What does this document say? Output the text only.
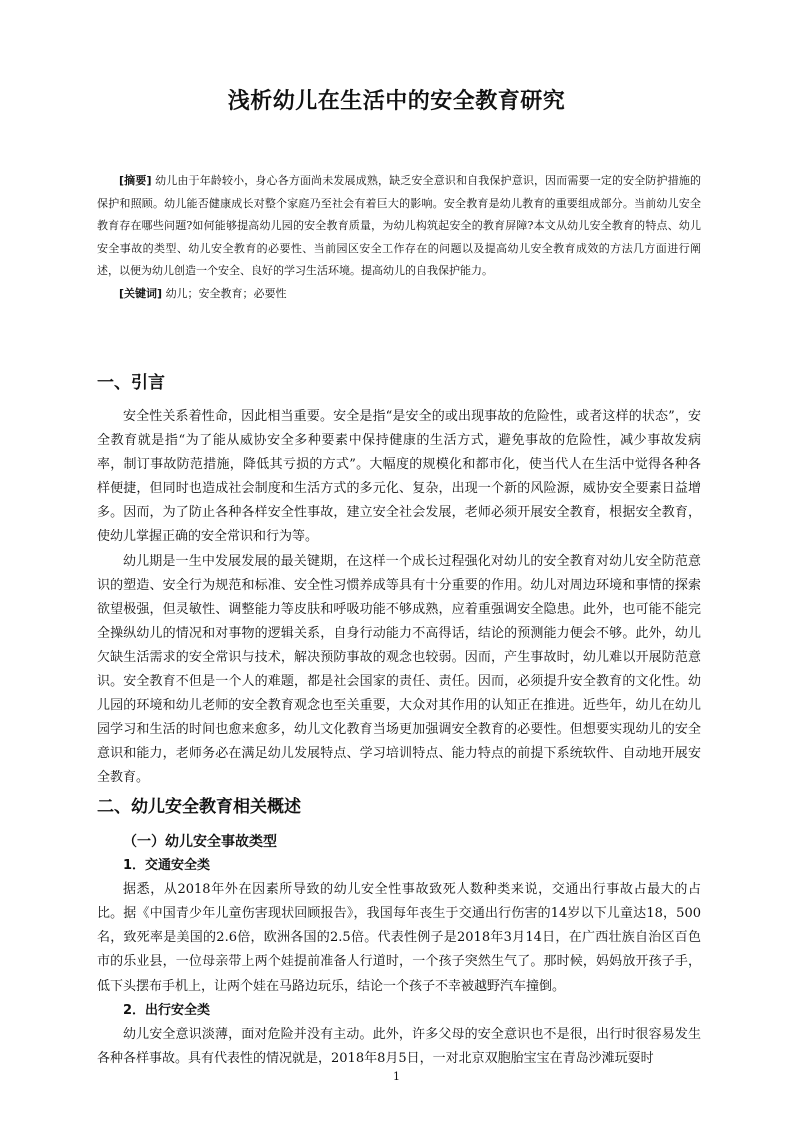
浅析幼儿在生活中的安全教育研究

[摘要] 幼儿由于年龄较小，身心各方面尚未发展成熟，缺乏安全意识和自我保护意识，因而需要一定的安全防护措施的保护和照顾。幼儿能否健康成长对整个家庭乃至社会有着巨大的影响。安全教育是幼儿教育的重要组成部分。当前幼儿安全教育存在哪些问题?如何能够提高幼儿园的安全教育质量，为幼儿构筑起安全的教育屏障?本文从幼儿安全教育的特点、幼儿安全事故的类型、幼儿安全教育的必要性、当前园区安全工作存在的问题以及提高幼儿安全教育成效的方法几方面进行阐述，以便为幼儿创造一个安全、良好的学习生活环境。提高幼儿的自我保护能力。

[关键词] 幼儿；安全教育；必要性

一、引言

安全性关系着性命，因此相当重要。安全是指“是安全的或出现事故的危险性，或者这样的状态”，安全教育就是指“为了能从威协安全多种要素中保持健康的生活方式，避免事故的危险性，减少事故发病率，制订事故防范措施，降低其亏损的方式”。大幅度的规模化和都市化，使当代人在生活中觉得各种各样便捷，但同时也造成社会制度和生活方式的多元化、复杂，出现一个新的风险源，威协安全要素日益增多。因而，为了防止各种各样安全性事故，建立安全社会发展，老师必须开展安全教育，根据安全教育，使幼儿掌握正确的安全常识和行为等。

幼儿期是一生中发展发展的最关键期，在这样一个成长过程强化对幼儿的安全教育对幼儿安全防范意识的塑造、安全行为规范和标准、安全性习惯养成等具有十分重要的作用。幼儿对周边环境和事情的探索欲望极强，但灵敏性、调整能力等皮肤和呼吸功能不够成熟，应着重强调安全隐患。此外，也可能不能完全操纵幼儿的情况和对事物的逻辑关系，自身行动能力不高得话，结论的预测能力便会不够。此外，幼儿欠缺生活需求的安全常识与技术，解决预防事故的观念也较弱。因而，产生事故时，幼儿难以开展防范意识。安全教育不但是一个人的难题，都是社会国家的责任、责任。因而，必须提升安全教育的文化性。幼儿园的环境和幼儿老师的安全教育观念也至关重要，大众对其作用的认知正在推进。近些年，幼儿在幼儿园学习和生活的时间也愈来愈多，幼儿文化教育当场更加强调安全教育的必要性。但想要实现幼儿的安全意识和能力，老师务必在满足幼儿发展特点、学习培训特点、能力特点的前提下系统软件、自动地开展安全教育。

二、幼儿安全教育相关概述
（一）幼儿安全事故类型
1．交通安全类

据悉，从2018年外在因素所导致的幼儿安全性事故致死人数种类来说，交通出行事故占最大的占比。据《中国青少年儿童伤害现状回顾报告》，我国每年丧生于交通出行伤害的14岁以下儿童达18，500名，致死率是美国的2.6倍，欧洲各国的2.5倍。代表性例子是2018年3月14日，在广西壮族自治区百色市的乐业县，一位母亲带上两个娃提前准备人行道时，一个孩子突然生气了。那时候，妈妈放开孩子手，低下头摆布手机上，让两个娃在马路边玩乐，结论一个孩子不幸被越野汽车撞倒。

2．出行安全类

幼儿安全意识淡薄，面对危险并没有主动。此外，许多父母的安全意识也不是很，出行时很容易发生各种各样事故。具有代表性的情况就是，2018年8月5日，一对北京双胞胎宝宝在青岛沙滩玩耍时

1
